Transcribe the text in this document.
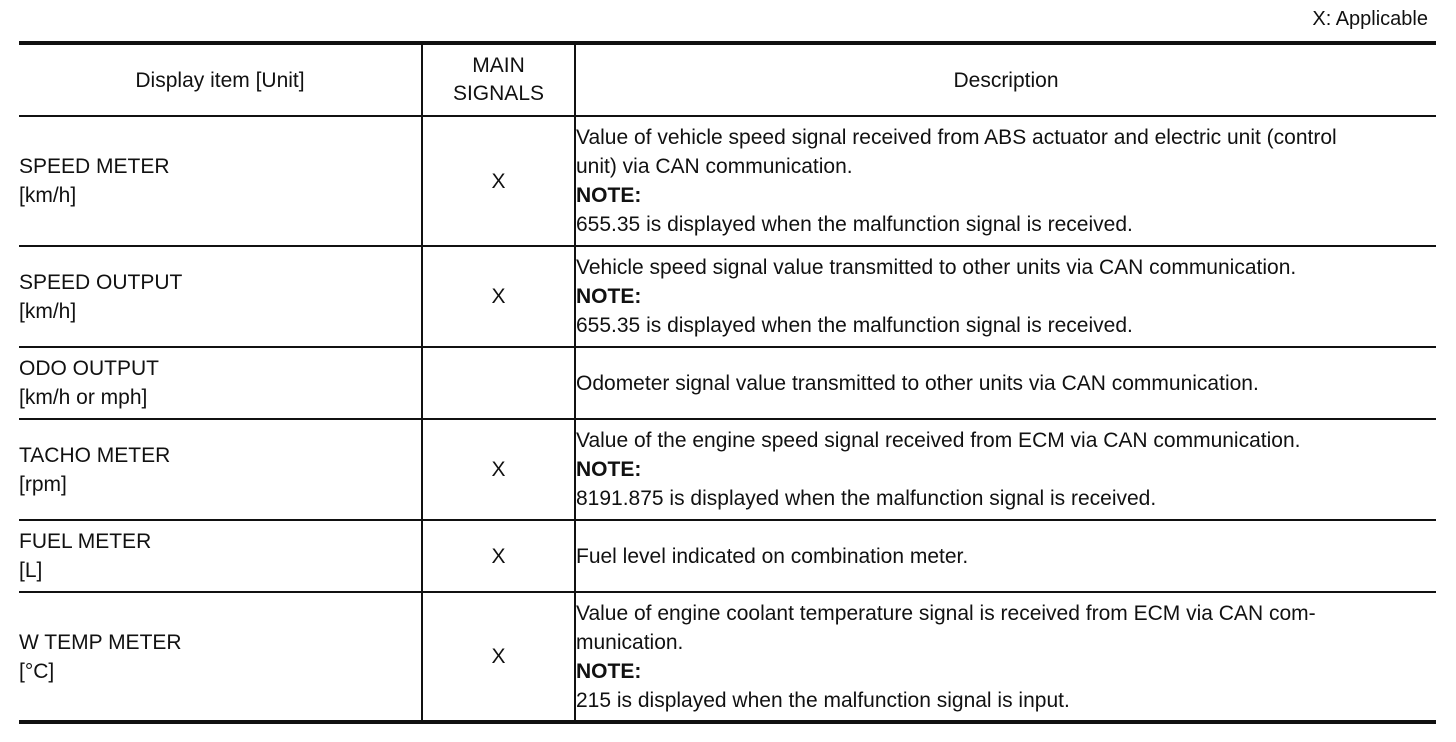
X: Applicable
Display item [Unit]	MAIN
SIGNALS	Description

SPEED METER
[km/h]	X	Value of vehicle speed signal received from ABS actuator and electric unit (control
unit) via CAN communication.
NOTE:
655.35 is displayed when the malfunction signal is received.

SPEED OUTPUT
[km/h]	X	Vehicle speed signal value transmitted to other units via CAN communication.
NOTE:
655.35 is displayed when the malfunction signal is received.

ODO OUTPUT
[km/h or mph]		Odometer signal value transmitted to other units via CAN communication.

TACHO METER
[rpm]	X	Value of the engine speed signal received from ECM via CAN communication.
NOTE:
8191.875 is displayed when the malfunction signal is received.

FUEL METER
[L]	X	Fuel level indicated on combination meter.

W TEMP METER
[°C]	X	Value of engine coolant temperature signal is received from ECM via CAN com-
munication.
NOTE:
215 is displayed when the malfunction signal is input.
